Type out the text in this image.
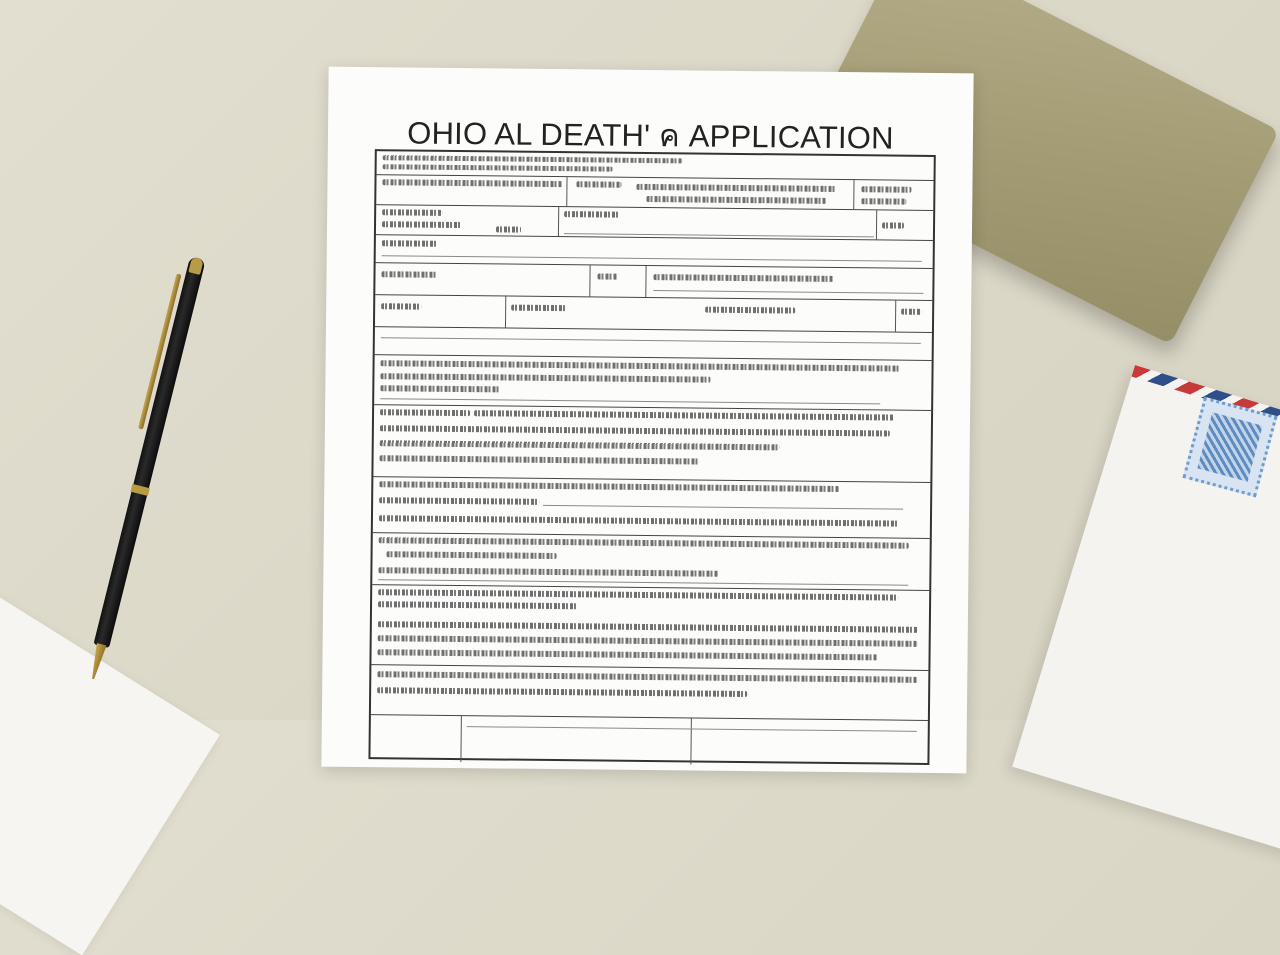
OHIO AL DEATH' ค APPLICATION
